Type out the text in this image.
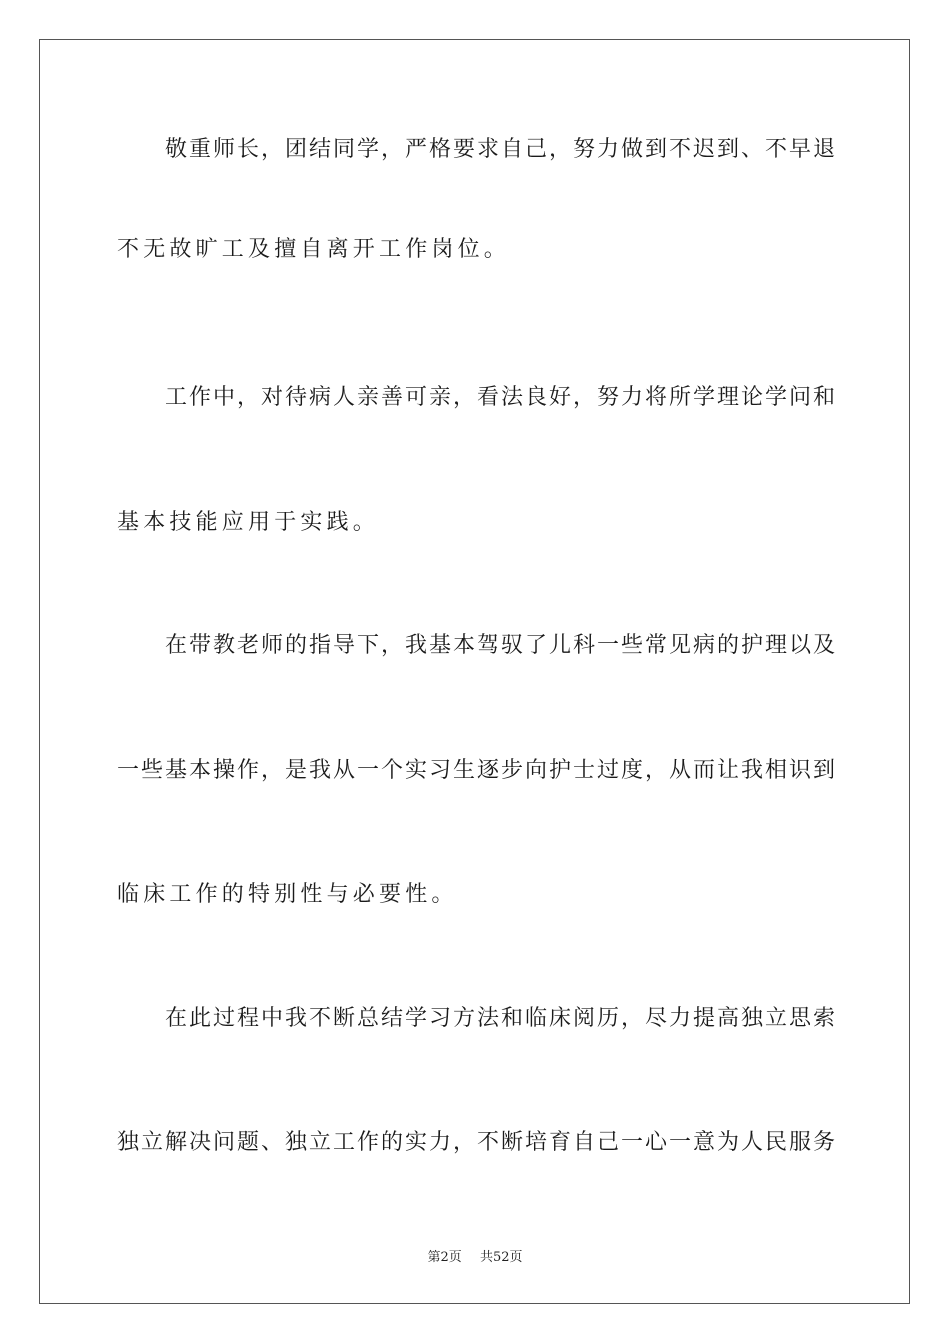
敬重师长，团结同学，严格要求自己，努力做到不迟到、不早退
不无故旷工及擅自离开工作岗位。
工作中，对待病人亲善可亲，看法良好，努力将所学理论学问和
基本技能应用于实践。
在带教老师的指导下，我基本驾驭了儿科一些常见病的护理以及
一些基本操作，是我从一个实习生逐步向护士过度，从而让我相识到
临床工作的特别性与必要性。
在此过程中我不断总结学习方法和临床阅历，尽力提高独立思索
独立解决问题、独立工作的实力，不断培育自己一心一意为人民服务
第2页 共52页
